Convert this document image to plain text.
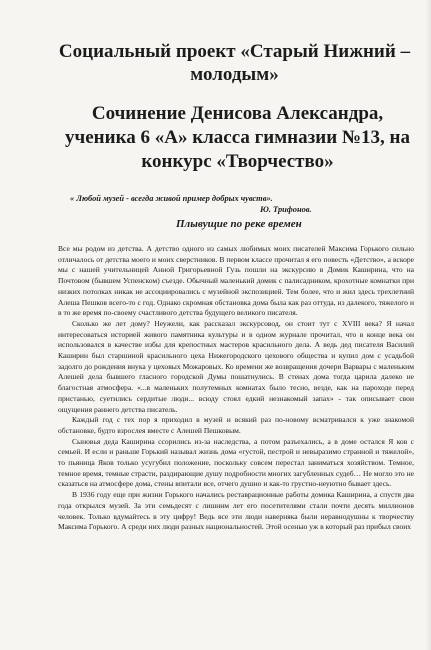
Социальный проект «Старый Нижний – молодым»
Сочинение Денисова Александра, ученика 6 «А» класса гимназии №13, на конкурс «Творчество»
« Любой музей - всегда живой пример добрых чувств».
Ю. Трифонов.
Плывущие по реке времен

Все мы родом из детства. А детство одного из самых любимых моих писателей Максима Горького сильно отличалось от детства моего и моих сверстников. В первом классе прочитал я его повесть «Детство», а вскоре мы с нашей учительницей Анной Григорьевной Гузь пошли на экскурсию в Домик Каширина, что на Почтовом (бывшем Успенском) съезде. Обычный маленький домик с палисадником, крохотные комнатки при низких потолках никак не ассоциировались с музейной экспозицией. Тем более, что и жил здесь трехлетний Алеша Пешков всего-то с год. Однако скромная обстановка дома была как раз оттуда, из далекого, тяжелого и в то же время по-своему счастливого детства будущего великого писателя.

Сколько же лет дому? Неужели, как рассказал экскурсовод, он стоит тут с XVIII века? Я начал интересоваться историей живого памятника культуры и в одном журнале прочитал, что в конце века он использовался в качестве избы для крепостных мастеров красильного дела. А ведь дед писателя Василий Каширин был старшиной красильного цеха Нижегородского цехового общества и купил дом с усадьбой задолго до рождения внука у цеховых Можаровых. Ко времени же возвращения дочери Варвары с маленьким Алешей дела бывшего гласного городской Думы пошатнулись. В стенах дома тогда царила далеко не благостная атмосфера. «...в маленьких полутемных комнатах было тесно, везде, как на пароходе перед пристанью, суетились сердитые люди... всюду стоял едкий незнакомый запах» - так описывает свои ощущения раннего детства писатель.

Каждый год с тех пор я приходил в музей и всякий раз по-новому всматривался к уже знакомой обстановке, будто взрослея вместе с Алешей Пешковым.

Сыновья деда Каширина ссорились из-за наследства, а потом разъехались, а в доме остался Я ков с семьей. И если и раньше Горький называл жизнь дома «густой, пестрой и невыразимо странной и тяжелой», то пьяница Яков только усугубил положение, поскольку совсем перестал заниматься хозяйством. Темное, темное время, темные страсти, раздирающие душу подробности многих загубленных судеб… Не могло это не сказаться на атмосфере дома, стены впитали все, отчего душно и как-то грустно-неуютно бывает здесь.

В 1936 году еще при жизни Горького начались реставрационные работы домика Каширина, а спустя два года открылся музей. За эти семьдесят с лишним лет его посетителями стали почти десять миллионов человек. Только вдумайтесь в эту цифру! Ведь все эти люди наверняка были неравнодушны к творчеству Максима Горького. А среди них люди разных национальностей. Этой осенью уж в который раз прибыл своих
